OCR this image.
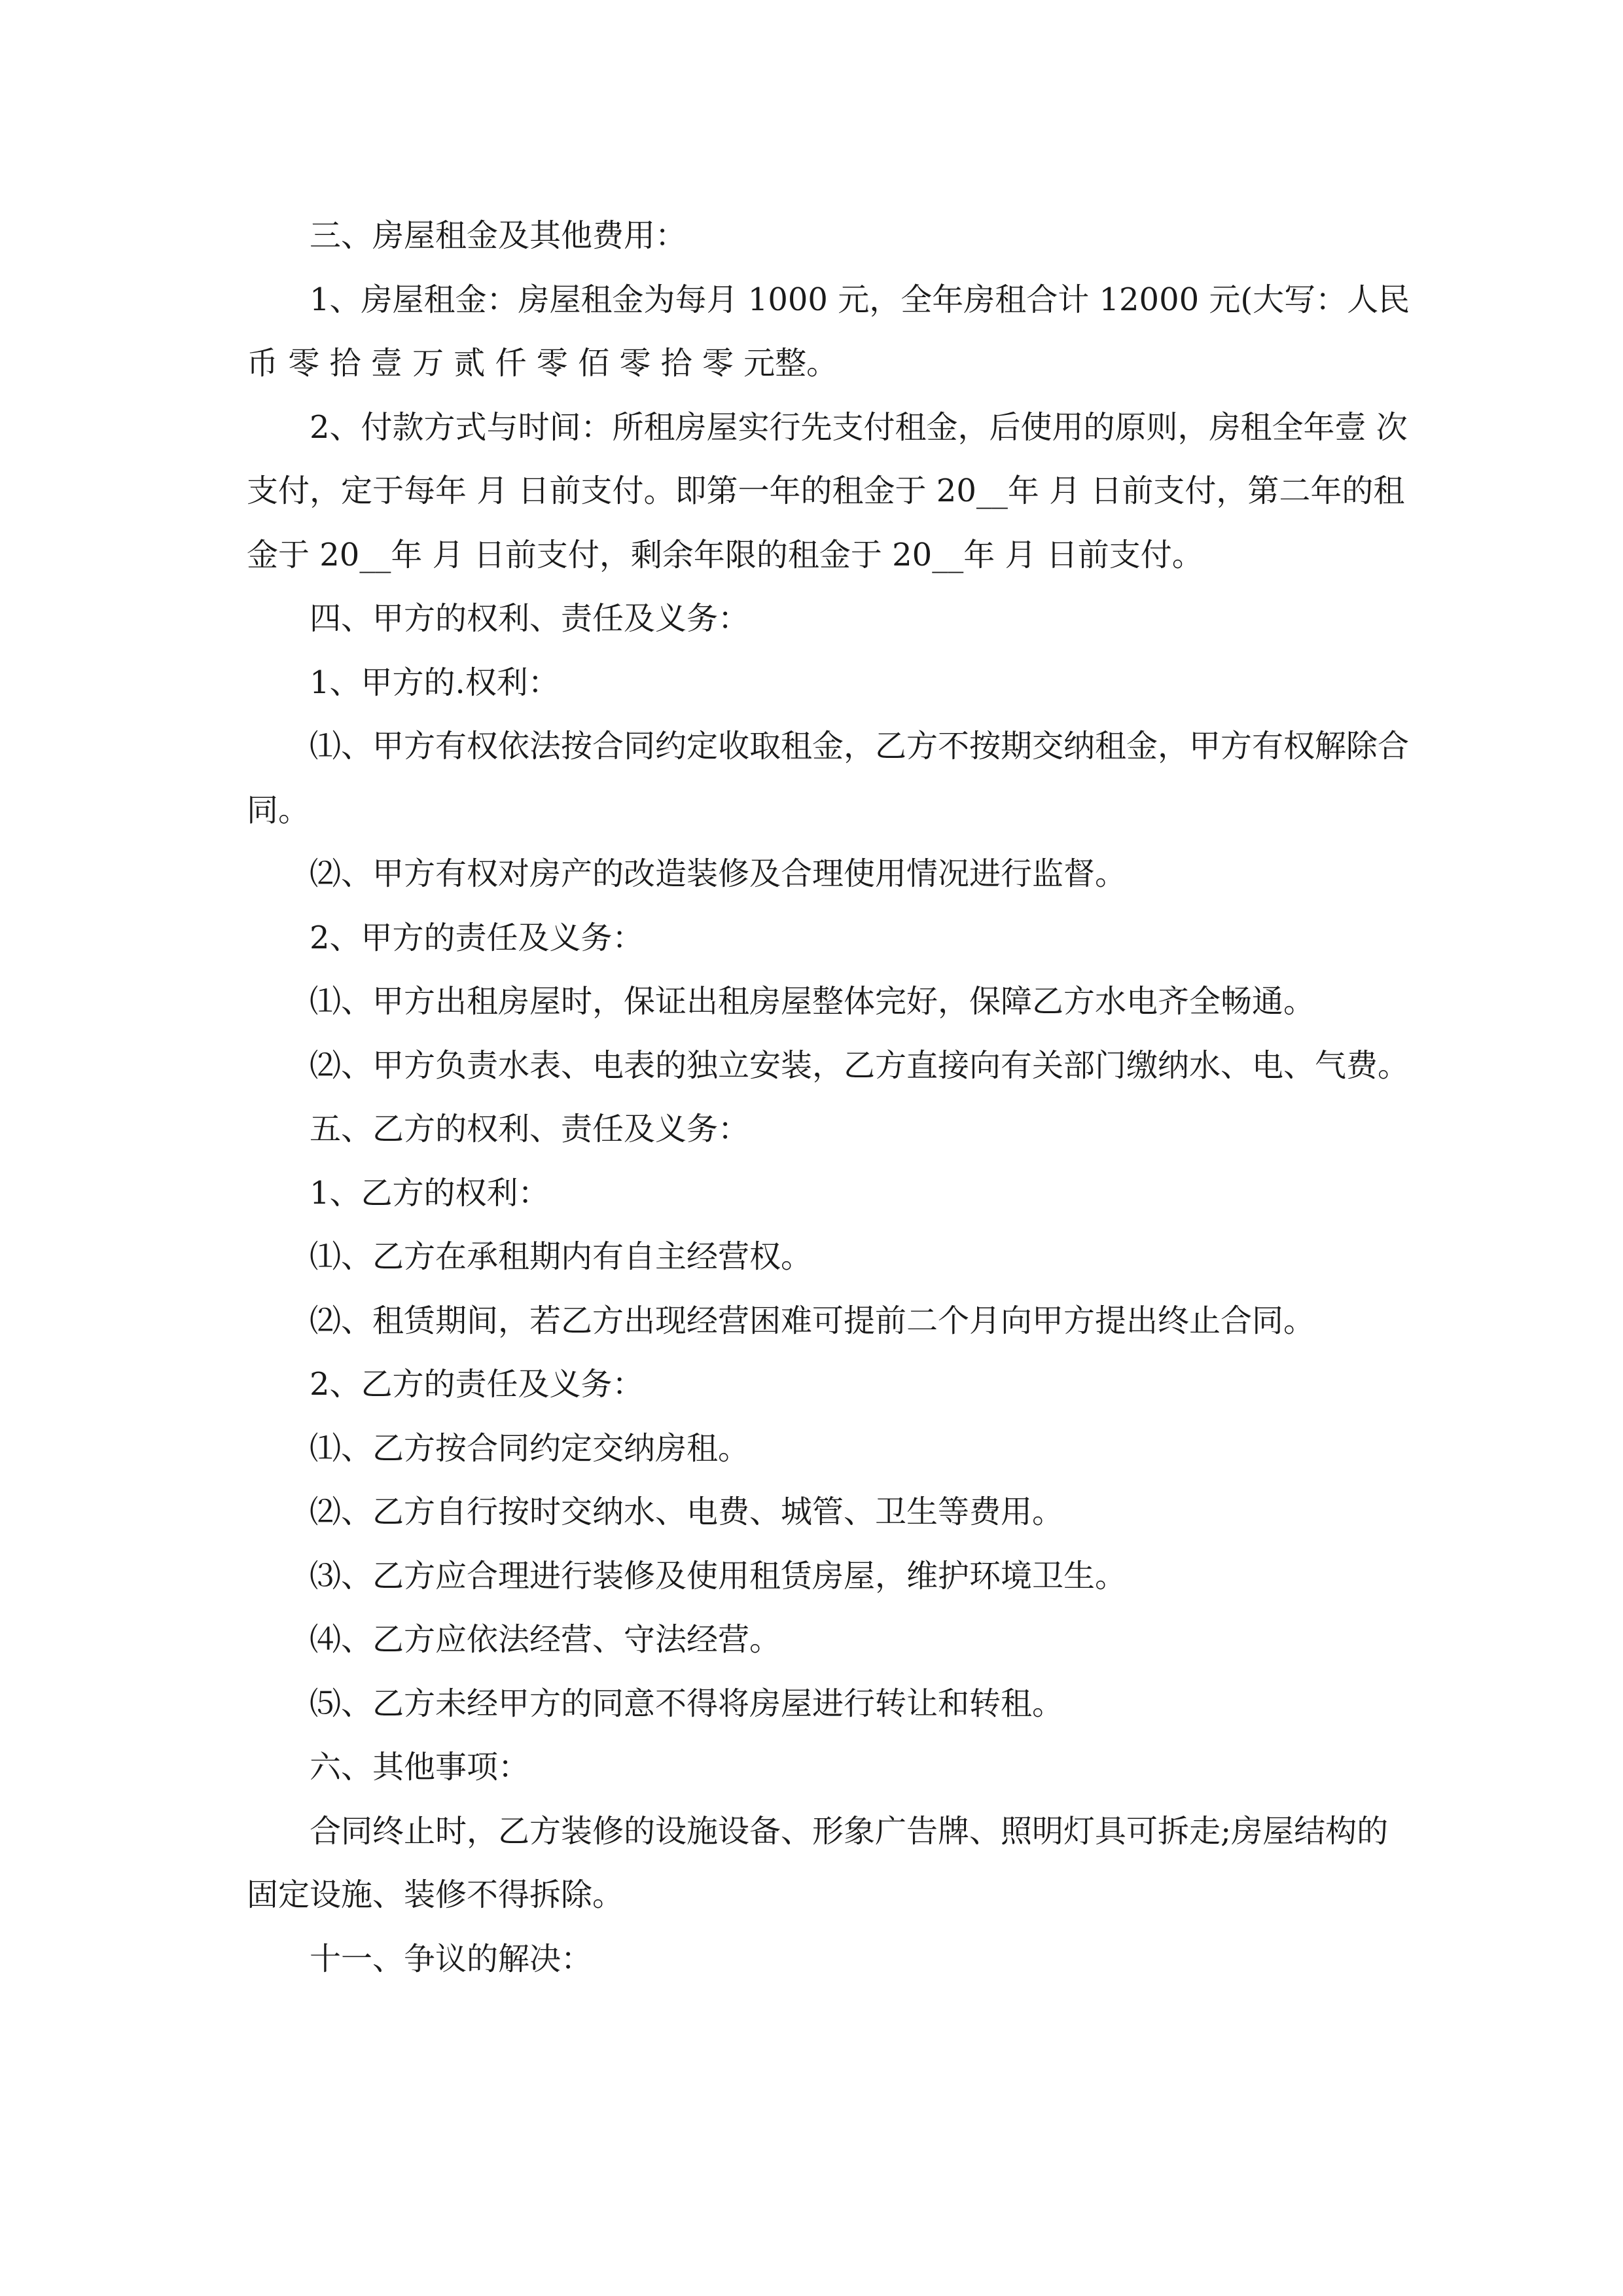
三、房屋租金及其他费用：

1、房屋租金：房屋租金为每月 1000 元，全年房租合计 12000 元(大写：人民币 零 拾 壹 万 贰 仟 零 佰 零 拾 零 元整。

2、付款方式与时间：所租房屋实行先支付租金，后使用的原则，房租全年壹 次支付，定于每年 月 日前支付。即第一年的租金于 20__年 月 日前支付，第二年的租金于 20__年 月 日前支付，剩余年限的租金于 20__年 月 日前支付。

四、甲方的权利、责任及义务：

1、甲方的.权利：

⑴、甲方有权依法按合同约定收取租金，乙方不按期交纳租金，甲方有权解除合同。

⑵、甲方有权对房产的改造装修及合理使用情况进行监督。

2、甲方的责任及义务：

⑴、甲方出租房屋时，保证出租房屋整体完好，保障乙方水电齐全畅通。

⑵、甲方负责水表、电表的独立安装，乙方直接向有关部门缴纳水、电、气费。

五、乙方的权利、责任及义务：

1、乙方的权利：

⑴、乙方在承租期内有自主经营权。

⑵、租赁期间，若乙方出现经营困难可提前二个月向甲方提出终止合同。

2、乙方的责任及义务：

⑴、乙方按合同约定交纳房租。

⑵、乙方自行按时交纳水、电费、城管、卫生等费用。

⑶、乙方应合理进行装修及使用租赁房屋，维护环境卫生。

⑷、乙方应依法经营、守法经营。

⑸、乙方未经甲方的同意不得将房屋进行转让和转租。

六、其他事项：

合同终止时，乙方装修的设施设备、形象广告牌、照明灯具可拆走;房屋结构的固定设施、装修不得拆除。

十一、争议的解决：
